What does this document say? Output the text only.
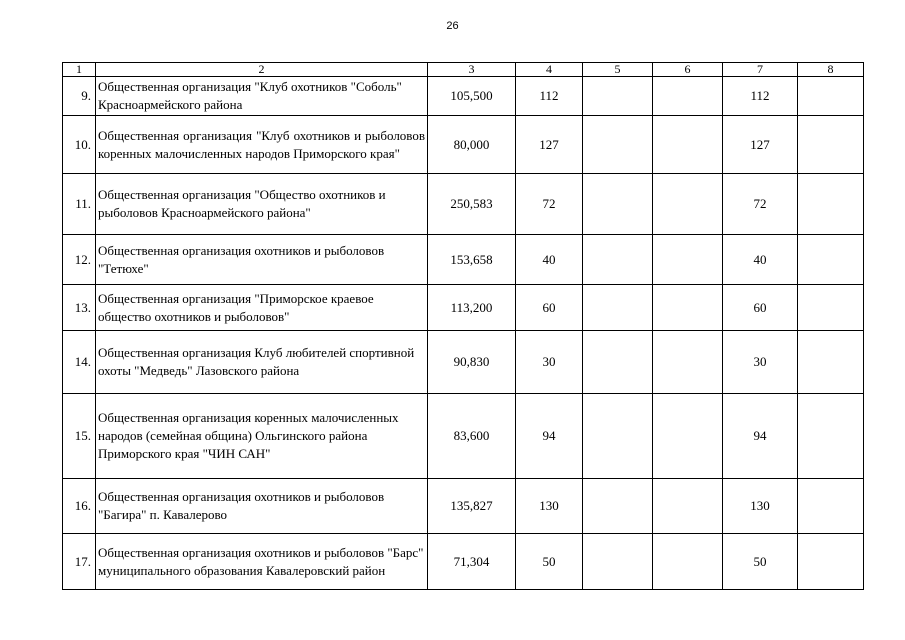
26
1	2	3	4	5	6	7	8
9.	Общественная организация "Клуб охотников "Соболь" Красноармейского района	105,500	112			112	
10.	Общественная организация "Клуб охотников и рыболовов коренных малочисленных народов Приморского края"	80,000	127			127	
11.	Общественная организация "Общество охотников и рыболовов Красноармейского района"	250,583	72			72	
12.	Общественная организация охотников и рыболовов "Тетюхе"	153,658	40			40	
13.	Общественная организация "Приморское краевое общество охотников и рыболовов"	113,200	60			60	
14.	Общественная организация Клуб любителей спортивной охоты "Медведь" Лазовского района	90,830	30			30	
15.	Общественная организация коренных малочисленных народов (семейная община) Ольгинского района Приморского края "ЧИН САН"	83,600	94			94	
16.	Общественная организация охотников и рыболовов "Багира" п. Кавалерово	135,827	130			130	
17.	Общественная организация охотников и рыболовов "Барс" муниципального образования Кавалеровский район	71,304	50			50	
